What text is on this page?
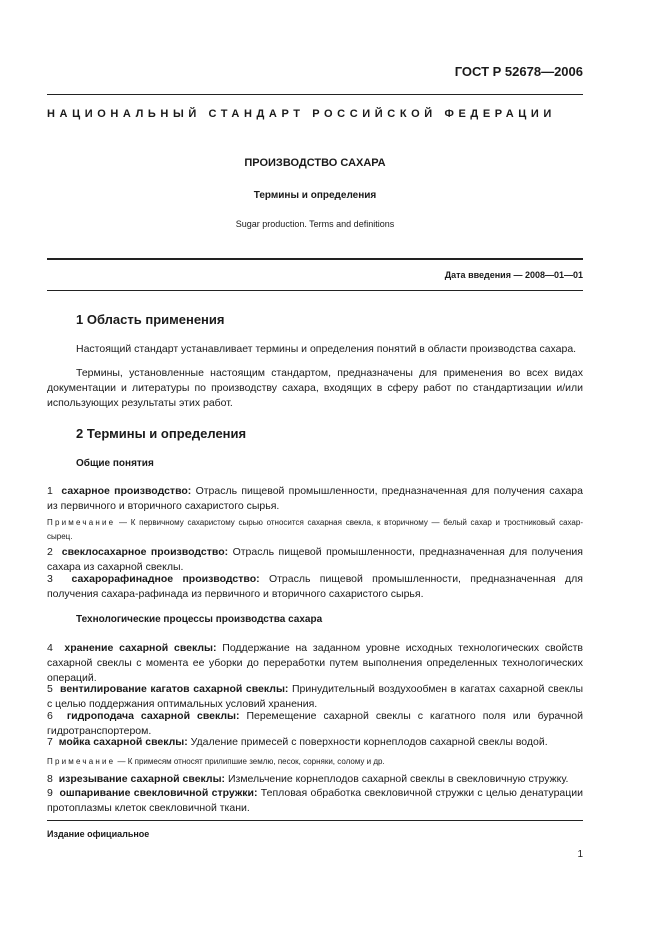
ГОСТ Р 52678—2006
НАЦИОНАЛЬНЫЙ СТАНДАРТ РОССИЙСКОЙ ФЕДЕРАЦИИ
ПРОИЗВОДСТВО САХАРА
Термины и определения
Sugar production. Terms and definitions
Дата введения — 2008—01—01
1 Область применения
Настоящий стандарт устанавливает термины и определения понятий в области производства сахара.
Термины, установленные настоящим стандартом, предназначены для применения во всех видах документации и литературы по производству сахара, входящих в сферу работ по стандартизации и/или использующих результаты этих работ.
2 Термины и определения
Общие понятия
1 сахарное производство: Отрасль пищевой промышленности, предназначенная для получения сахара из первичного и вторичного сахаристого сырья.
Примечание — К первичному сахаристому сырью относится сахарная свекла, к вторичному — белый сахар и тростниковый сахар-сырец.
2 свеклосахарное производство: Отрасль пищевой промышленности, предназначенная для получения сахара из сахарной свеклы.
3 сахарорафинадное производство: Отрасль пищевой промышленности, предназначенная для получения сахара-рафинада из первичного и вторичного сахаристого сырья.
Технологические процессы производства сахара
4 хранение сахарной свеклы: Поддержание на заданном уровне исходных технологических свойств сахарной свеклы с момента ее уборки до переработки путем выполнения определенных технологических операций.
5 вентилирование кагатов сахарной свеклы: Принудительный воздухообмен в кагатах сахарной свеклы с целью поддержания оптимальных условий хранения.
6 гидроподача сахарной свеклы: Перемещение сахарной свеклы с кагатного поля или бурачной гидротранспортером.
7 мойка сахарной свеклы: Удаление примесей с поверхности корнеплодов сахарной свеклы водой.
Примечание — К примесям относят прилипшие землю, песок, сорняки, солому и др.
8 изрезывание сахарной свеклы: Измельчение корнеплодов сахарной свеклы в свекловичную стружку.
9 ошпаривание свекловичной стружки: Тепловая обработка свекловичной стружки с целью денатурации протоплазмы клеток свекловичной ткани.
Издание официальное
1
